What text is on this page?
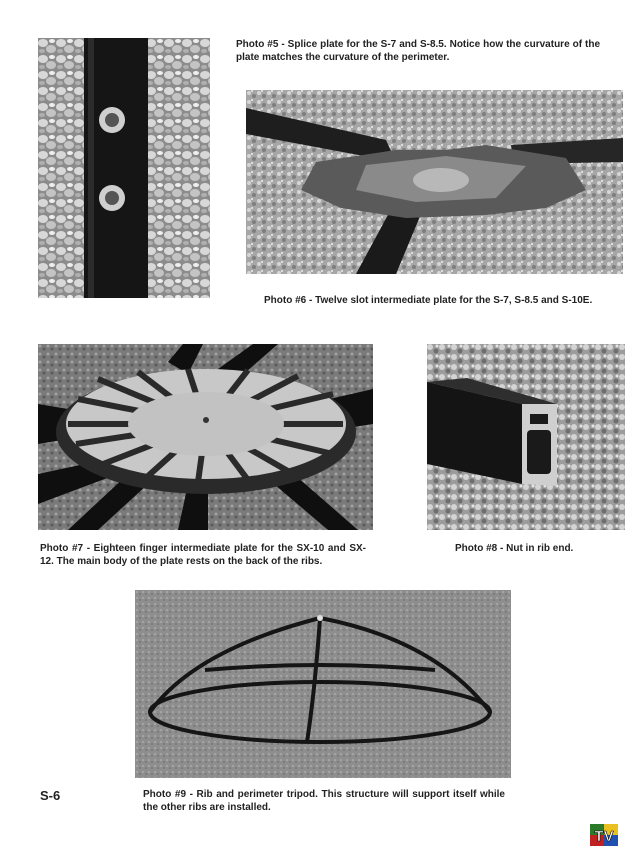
Photo #5 - Splice plate for the S-7 and S-8.5. Notice how the curvature of the plate matches the curvature of the perimeter.
Photo #6 - Twelve slot intermediate plate for the S-7, S-8.5 and S-10E.
Photo #7 - Eighteen finger intermediate plate for the SX-10 and SX-12. The main body of the plate rests on the back of the ribs.
Photo #8 - Nut in rib end.
S-6	Photo #9 - Rib and perimeter tripod. This structure will support itself while the other ribs are installed.
TV
